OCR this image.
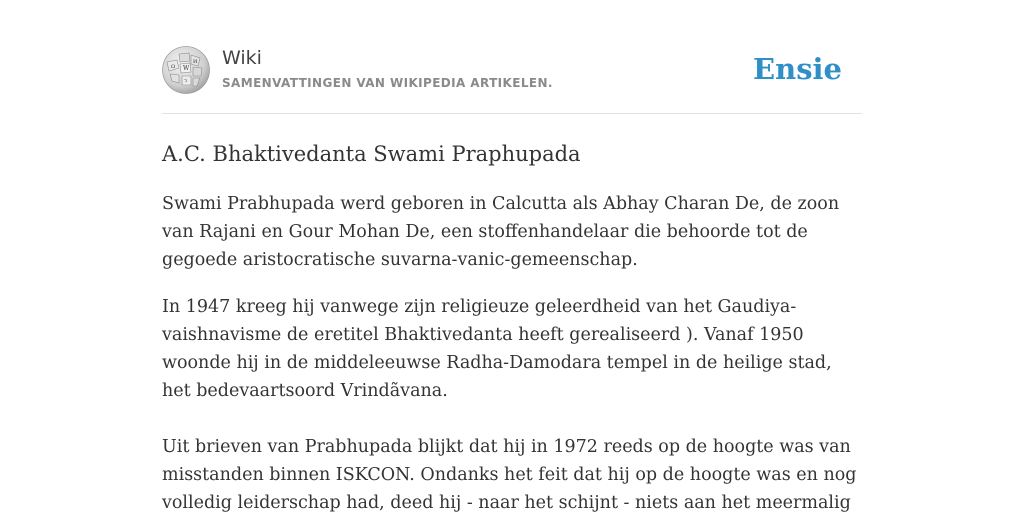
W
Ω
И
ว
Wiki
SAMENVATTINGEN VAN WIKIPEDIA ARTIKELEN.	Ensie
A.C. Bhaktivedanta Swami Praphupada

Swami Prabhupada werd geboren in Calcutta als Abhay Charan De, de zoon van Rajani en Gour Mohan De, een stoffenhandelaar die behoorde tot de gegoede aristocratische suvarna-vanic-gemeenschap.

In 1947 kreeg hij vanwege zijn religieuze geleerdheid van het Gaudiya-vaishnavisme de eretitel Bhaktivedanta heeft gerealiseerd ). Vanaf 1950 woonde hij in de middeleeuwse Radha-Damodara tempel in de heilige stad, het bedevaartsoord Vrindãvana.

Uit brieven van Prabhupada blijkt dat hij in 1972 reeds op de hoogte was van misstanden binnen ISKCON. Ondanks het feit dat hij op de hoogte was en nog volledig leiderschap had, deed hij - naar het schijnt - niets aan het meermalig
